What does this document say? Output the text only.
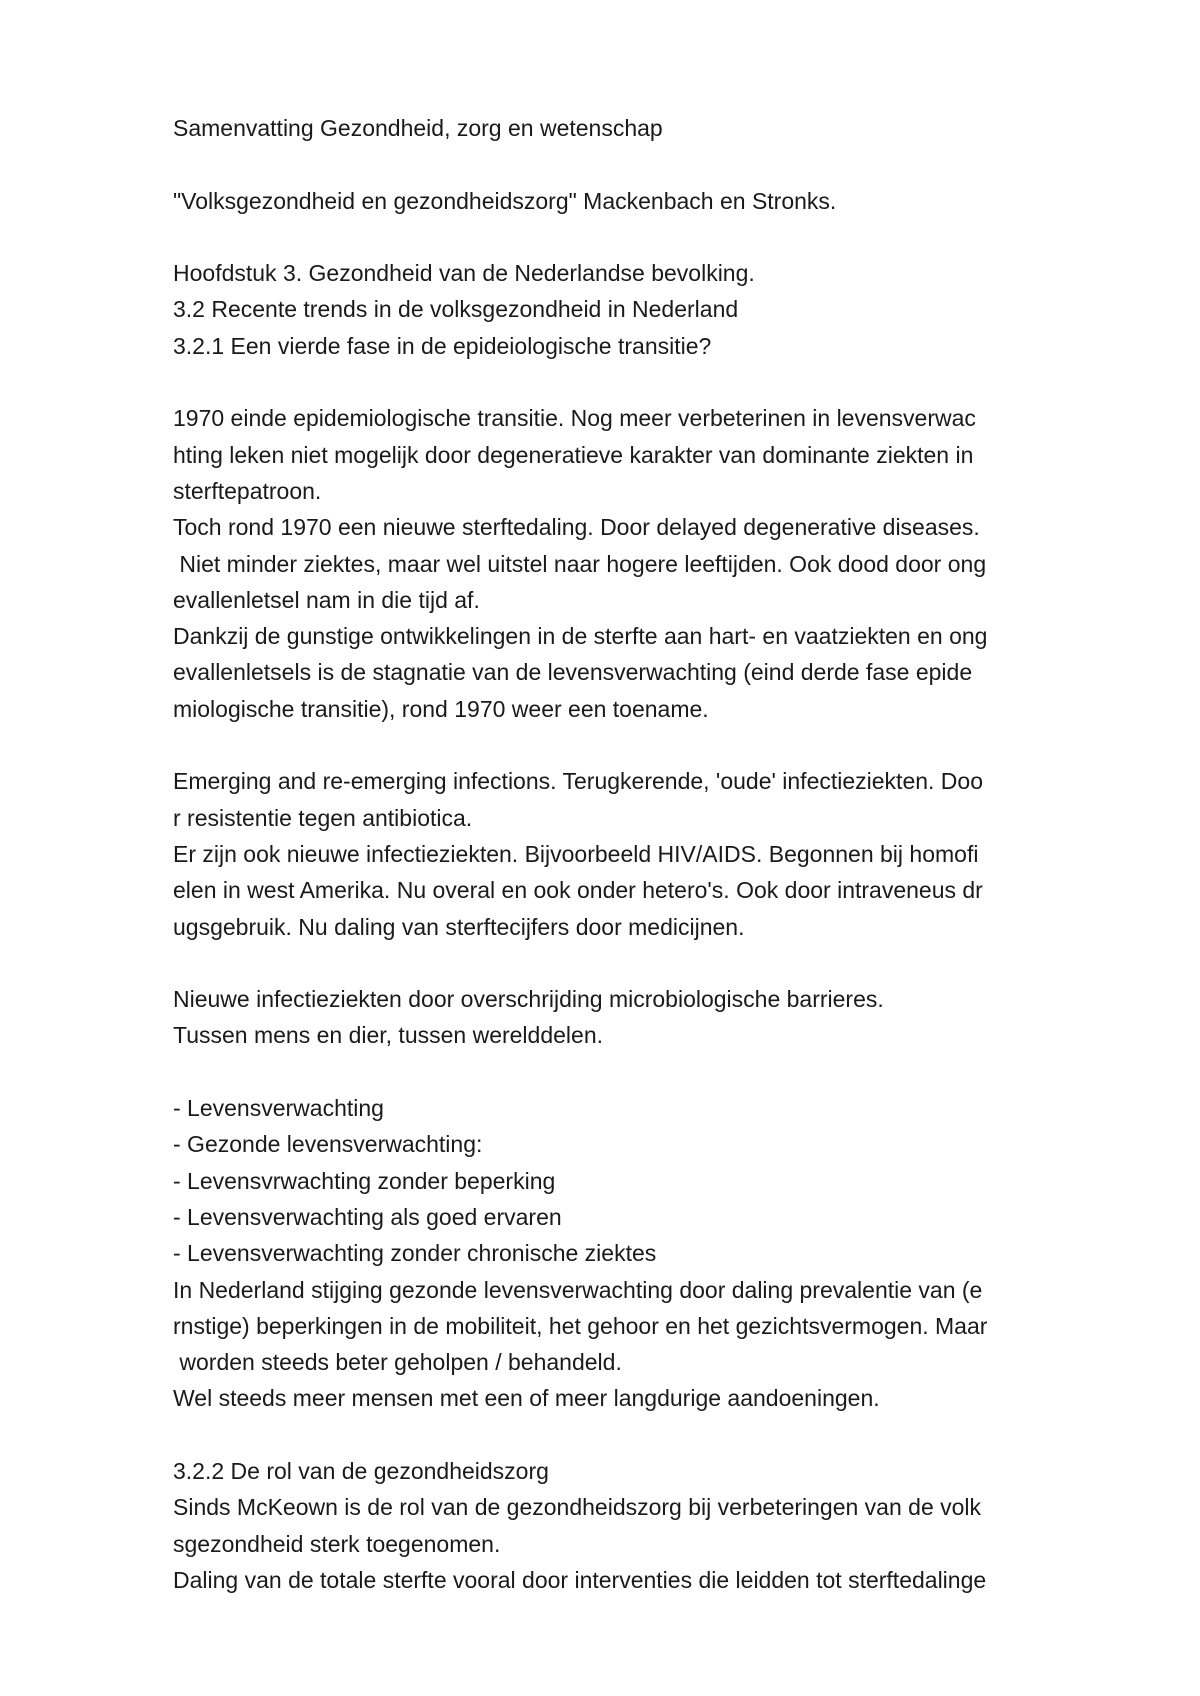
Samenvatting Gezondheid, zorg en wetenschap
"Volksgezondheid en gezondheidszorg" Mackenbach en Stronks.
Hoofdstuk 3. Gezondheid van de Nederlandse bevolking.
3.2 Recente trends in de volksgezondheid in Nederland
3.2.1 Een vierde fase in de epideiologische transitie?
1970 einde epidemiologische transitie. Nog meer verbeterinen in levensverwac
hting leken niet mogelijk door degeneratieve karakter van dominante ziekten in
sterftepatroon.
Toch rond 1970 een nieuwe sterftedaling. Door delayed degenerative diseases.
Niet minder ziektes, maar wel uitstel naar hogere leeftijden. Ook dood door ong
evallenletsel nam in die tijd af.
Dankzij de gunstige ontwikkelingen in de sterfte aan hart- en vaatziekten en ong
evallenletsels is de stagnatie van de levensverwachting (eind derde fase epide
miologische transitie), rond 1970 weer een toename.
Emerging and re-emerging infections. Terugkerende, 'oude' infectieziekten. Doo
r resistentie tegen antibiotica.
Er zijn ook nieuwe infectieziekten. Bijvoorbeeld HIV/AIDS. Begonnen bij homofi
elen in west Amerika. Nu overal en ook onder hetero's. Ook door intraveneus dr
ugsgebruik. Nu daling van sterftecijfers door medicijnen.
Nieuwe infectieziekten door overschrijding microbiologische barrieres.
Tussen mens en dier, tussen werelddelen.
- Levensverwachting
- Gezonde levensverwachting:
- Levensvrwachting zonder beperking
- Levensverwachting als goed ervaren
- Levensverwachting zonder chronische ziektes
In Nederland stijging gezonde levensverwachting door daling prevalentie van (e
rnstige) beperkingen in de mobiliteit, het gehoor en het gezichtsvermogen. Maar
worden steeds beter geholpen / behandeld.
Wel steeds meer mensen met een of meer langdurige aandoeningen.
3.2.2 De rol van de gezondheidszorg
Sinds McKeown is de rol van de gezondheidszorg bij verbeteringen van de volk
sgezondheid sterk toegenomen.
Daling van de totale sterfte vooral door interventies die leidden tot sterftedalinge
